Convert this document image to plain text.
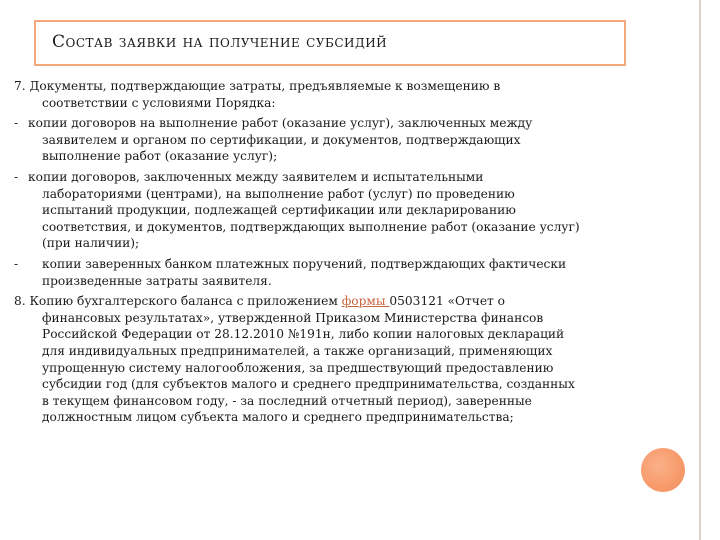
Состав заявки на получение субсидий
7. Документы, подтверждающие затраты, предъявляемые к возмещению в
соответствии с условиями Порядка:
- копии договоров на выполнение работ (оказание услуг), заключенных между
заявителем и органом по сертификации, и документов, подтверждающих
выполнение работ (оказание услуг);
- копии договоров, заключенных между заявителем и испытательными
лабораториями (центрами), на выполнение работ (услуг) по проведению
испытаний продукции, подлежащей сертификации или декларированию
соответствия, и документов, подтверждающих выполнение работ (оказание услуг)
(при наличии);
-	копии заверенных банком платежных поручений, подтверждающих фактически
произведенные затраты заявителя.
8. Копию бухгалтерского баланса с приложением формы 0503121 «Отчет о
финансовых результатах», утвержденной Приказом Министерства финансов
Российской Федерации от 28.12.2010 №191н, либо копии налоговых деклараций
для индивидуальных предпринимателей, а также организаций, применяющих
упрощенную систему налогообложения, за предшествующий предоставлению
субсидии год (для субъектов малого и среднего предпринимательства, созданных
в текущем финансовом году, - за последний отчетный период), заверенные
должностным лицом субъекта малого и среднего предпринимательства;
